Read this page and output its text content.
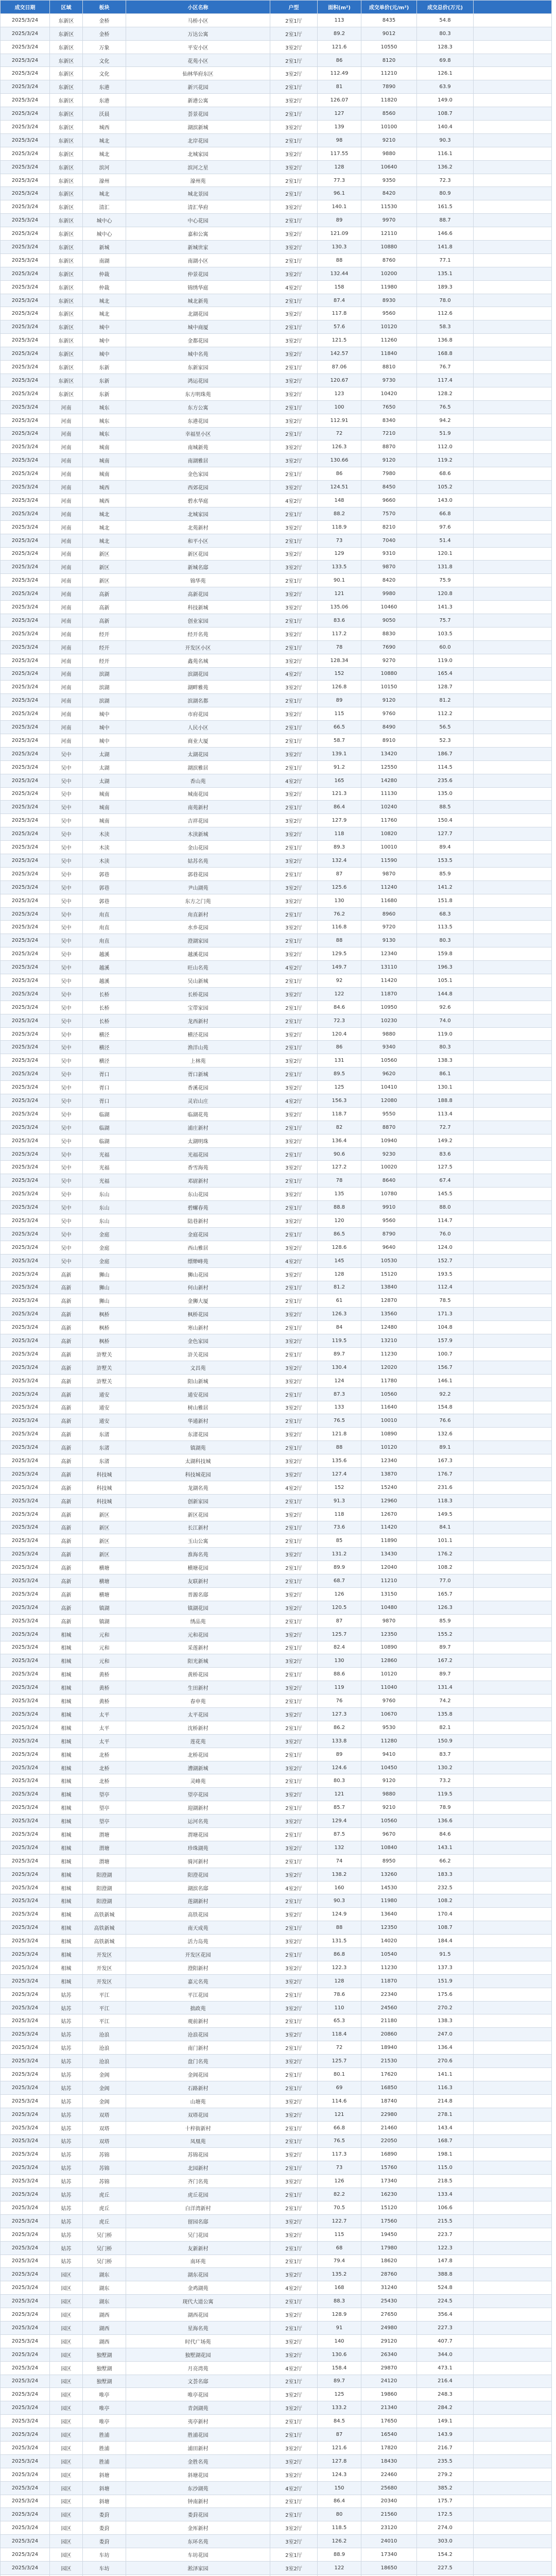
成交日期	区域	板块	小区名称	户型	面积(m²)	成交单价(元/m²)	成交总价(万元)	
2025/3/24	东新区	金桥	马桥小区	2室1厅	113	8435	54.8	
2025/3/24	东新区	金桥	万达公寓	2室1厅	89.2	9012	80.3	
2025/3/24	东新区	万象	平安小区	3室2厅	121.6	10550	128.3	
2025/3/24	东新区	文化	花苑小区	2室1厅	86	8120	69.8	
2025/3/24	东新区	文化	仙林华府东区	3室2厅	112.49	11210	126.1	
2025/3/24	东新区	东港	新兴花园	2室1厅	81	7890	63.9	
2025/3/24	东新区	东港	新港公寓	3室2厅	126.07	11820	149.0	
2025/3/24	东新区	沃晨	荟景花园	2室1厅	127	8560	108.7	
2025/3/24	东新区	城西	湖滨新城	3室2厅	139	10100	140.4	
2025/3/24	东新区	城北	北岸花园	2室1厅	98	9210	90.3	
2025/3/24	东新区	城北	北城家园	3室2厅	117.55	9880	116.1	
2025/3/24	东新区	滨河	滨河之星	3室2厅	128	10640	136.2	
2025/3/24	东新区	濠州	濠州苑	2室1厅	77.3	9350	72.3	
2025/3/24	东新区	城北	城北景园	2室1厅	96.1	8420	80.9	
2025/3/24	东新区	清汇	清汇华府	3室2厅	140.1	11530	161.5	
2025/3/24	东新区	城中心	中心花园	2室1厅	89	9970	88.7	
2025/3/24	东新区	城中心	嘉和公寓	3室2厅	121.09	12110	146.6	
2025/3/24	东新区	新城	新城世家	3室2厅	130.3	10880	141.8	
2025/3/24	东新区	南湖	南湖小区	2室1厅	88	8760	77.1	
2025/3/24	东新区	仲裁	仲景花园	3室2厅	132.44	10200	135.1	
2025/3/24	东新区	仲裁	锦绣华庭	4室2厅	158	11980	189.3	
2025/3/24	东新区	城北	城北新苑	2室1厅	87.4	8930	78.0	
2025/3/24	东新区	城北	北湖花园	3室2厅	117.8	9560	112.6	
2025/3/24	东新区	城中	城中商厦	2室1厅	57.6	10120	58.3	
2025/3/24	东新区	城中	金都花园	3室2厅	121.5	11260	136.8	
2025/3/24	东新区	城中	城中名苑	3室2厅	142.57	11840	168.8	
2025/3/24	东新区	东新	东新家园	2室1厅	87.06	8810	76.7	
2025/3/24	东新区	东新	鸿运花园	3室2厅	120.67	9730	117.4	
2025/3/24	东新区	东新	东方明珠苑	3室2厅	123	10420	128.2	
2025/3/24	河南	城东	东方公寓	2室1厅	100	7650	76.5	
2025/3/24	河南	城东	东港花园	3室2厅	112.91	8340	94.2	
2025/3/24	河南	城东	幸福里小区	2室1厅	72	7210	51.9	
2025/3/24	河南	城南	南城新苑	3室2厅	126.3	8870	112.0	
2025/3/24	河南	城南	南湖雅居	3室2厅	130.66	9120	119.2	
2025/3/24	河南	城南	金色家园	2室1厅	86	7980	68.6	
2025/3/24	河南	城西	西郊花园	3室2厅	124.51	8450	105.2	
2025/3/24	河南	城西	碧水华庭	4室2厅	148	9660	143.0	
2025/3/24	河南	城北	北城家园	2室1厅	88.2	7570	66.8	
2025/3/24	河南	城北	北苑新村	3室2厅	118.9	8210	97.6	
2025/3/24	河南	城北	和平小区	2室1厅	73	7040	51.4	
2025/3/24	河南	新区	新区花园	3室2厅	129	9310	120.1	
2025/3/24	河南	新区	新城名邸	3室2厅	133.5	9870	131.8	
2025/3/24	河南	新区	锦华苑	2室1厅	90.1	8420	75.9	
2025/3/24	河南	高新	高新花园	3室2厅	121	9980	120.8	
2025/3/24	河南	高新	科技新城	3室2厅	135.06	10460	141.3	
2025/3/24	河南	高新	创业家园	2室1厅	83.6	9050	75.7	
2025/3/24	河南	经开	经开名苑	3室2厅	117.2	8830	103.5	
2025/3/24	河南	经开	开发区小区	2室1厅	78	7690	60.0	
2025/3/24	河南	经开	鑫苑名城	3室2厅	128.34	9270	119.0	
2025/3/24	河南	滨湖	滨湖花园	4室2厅	152	10880	165.4	
2025/3/24	河南	滨湖	湖畔雅苑	3室2厅	126.8	10150	128.7	
2025/3/24	河南	滨湖	滨湖名都	2室1厅	89	9120	81.2	
2025/3/24	河南	城中	市府花园	3室2厅	115	9760	112.2	
2025/3/24	河南	城中	人民小区	2室1厅	66.5	8490	56.5	
2025/3/24	河南	城中	商业大厦	2室1厅	58.7	8910	52.3	
2025/3/24	吴中	太湖	太湖花园	3室2厅	139.1	13420	186.7	
2025/3/24	吴中	太湖	湖滨雅居	2室1厅	91.2	12550	114.5	
2025/3/24	吴中	太湖	香山苑	4室2厅	165	14280	235.6	
2025/3/24	吴中	城南	城南花园	3室2厅	121.3	11130	135.0	
2025/3/24	吴中	城南	南苑新村	2室1厅	86.4	10240	88.5	
2025/3/24	吴中	城南	吉祥花园	3室2厅	127.9	11760	150.4	
2025/3/24	吴中	木渎	木渎新城	3室2厅	118	10820	127.7	
2025/3/24	吴中	木渎	金山花园	2室1厅	89.3	10010	89.4	
2025/3/24	吴中	木渎	姑苏名苑	3室2厅	132.4	11590	153.5	
2025/3/24	吴中	郭巷	郭巷花园	2室1厅	87	9870	85.9	
2025/3/24	吴中	郭巷	尹山湖苑	3室2厅	125.6	11240	141.2	
2025/3/24	吴中	郭巷	东方之门苑	3室2厅	130	11680	151.8	
2025/3/24	吴中	甪直	甪直新村	2室1厅	76.2	8960	68.3	
2025/3/24	吴中	甪直	水乡花园	3室2厅	116.8	9720	113.5	
2025/3/24	吴中	甪直	澄湖家园	2室1厅	88	9130	80.3	
2025/3/24	吴中	越溪	越溪花园	3室2厅	129.5	12340	159.8	
2025/3/24	吴中	越溪	旺山名苑	4室2厅	149.7	13110	196.3	
2025/3/24	吴中	越溪	吴山新城	2室1厅	92	11420	105.1	
2025/3/24	吴中	长桥	长桥花园	3室2厅	122	11870	144.8	
2025/3/24	吴中	长桥	宝带家园	2室1厅	84.6	10950	92.6	
2025/3/24	吴中	长桥	龙西新村	2室1厅	72.3	10230	74.0	
2025/3/24	吴中	横泾	横泾花园	3室2厅	120.4	9880	119.0	
2025/3/24	吴中	横泾	渔洋山苑	2室1厅	86	9340	80.3	
2025/3/24	吴中	横泾	上林苑	3室2厅	131	10560	138.3	
2025/3/24	吴中	胥口	胥口新城	2室1厅	89.5	9620	86.1	
2025/3/24	吴中	胥口	香溪花园	3室2厅	125	10410	130.1	
2025/3/24	吴中	胥口	灵岩山庄	4室2厅	156.3	12080	188.8	
2025/3/24	吴中	临湖	临湖花苑	3室2厅	118.7	9550	113.4	
2025/3/24	吴中	临湖	浦庄新村	2室1厅	82	8870	72.7	
2025/3/24	吴中	临湖	太湖明珠	3室2厅	136.4	10940	149.2	
2025/3/24	吴中	光福	光福花园	2室1厅	90.6	9230	83.6	
2025/3/24	吴中	光福	香雪海苑	3室2厅	127.2	10020	127.5	
2025/3/24	吴中	光福	邓尉新村	2室1厅	78	8640	67.4	
2025/3/24	吴中	东山	东山花园	3室2厅	135	10780	145.5	
2025/3/24	吴中	东山	碧螺春苑	2室1厅	88.8	9910	88.0	
2025/3/24	吴中	东山	陆巷新村	3室2厅	120	9560	114.7	
2025/3/24	吴中	金庭	金庭花园	2室1厅	86.5	8790	76.0	
2025/3/24	吴中	金庭	西山雅居	3室2厅	128.6	9640	124.0	
2025/3/24	吴中	金庭	缥缈峰苑	4室2厅	145	10530	152.7	
2025/3/24	高新	狮山	狮山花园	3室2厅	128	15120	193.5	
2025/3/24	高新	狮山	何山新村	2室1厅	81.2	13840	112.4	
2025/3/24	高新	狮山	金狮大厦	2室1厅	61	12870	78.5	
2025/3/24	高新	枫桥	枫桥花园	3室2厅	126.3	13560	171.3	
2025/3/24	高新	枫桥	寒山新村	2室1厅	84	12480	104.8	
2025/3/24	高新	枫桥	金色家园	3室2厅	119.5	13210	157.9	
2025/3/24	高新	浒墅关	浒关花园	2室1厅	89.7	11230	100.7	
2025/3/24	高新	浒墅关	文昌苑	3室2厅	130.4	12020	156.7	
2025/3/24	高新	浒墅关	阳山新城	3室2厅	124	11780	146.1	
2025/3/24	高新	通安	通安花园	2室1厅	87.3	10560	92.2	
2025/3/24	高新	通安	树山雅居	3室2厅	133	11640	154.8	
2025/3/24	高新	通安	华通新村	2室1厅	76.5	10010	76.6	
2025/3/24	高新	东渚	东渚花园	3室2厅	121.8	10890	132.6	
2025/3/24	高新	东渚	镇湖苑	2室1厅	88	10120	89.1	
2025/3/24	高新	东渚	太湖科技城	3室2厅	135.6	12340	167.3	
2025/3/24	高新	科技城	科技城花园	3室2厅	127.4	13870	176.7	
2025/3/24	高新	科技城	龙湖名苑	4室2厅	152	15240	231.6	
2025/3/24	高新	科技城	创新家园	2室1厅	91.3	12960	118.3	
2025/3/24	高新	新区	新区花园	3室2厅	118	12670	149.5	
2025/3/24	高新	新区	长江新村	2室1厅	73.6	11420	84.1	
2025/3/24	高新	新区	玉山公寓	2室1厅	85	11890	101.1	
2025/3/24	高新	新区	淮海名苑	3室2厅	131.2	13430	176.2	
2025/3/24	高新	横塘	横塘花园	2室1厅	89.9	12040	108.2	
2025/3/24	高新	横塘	友联新村	2室1厅	68.7	11210	77.0	
2025/3/24	高新	横塘	晋源名邸	3室2厅	126	13150	165.7	
2025/3/24	高新	镇湖	镇湖花园	3室2厅	120.5	10480	126.3	
2025/3/24	高新	镇湖	绣品苑	2室1厅	87	9870	85.9	
2025/3/24	相城	元和	元和花园	3室2厅	125.7	12350	155.2	
2025/3/24	相城	元和	采莲新村	2室1厅	82.4	10890	89.7	
2025/3/24	相城	元和	阳光新城	3室2厅	130	12860	167.2	
2025/3/24	相城	黄桥	黄桥花园	2室1厅	88.6	10120	89.7	
2025/3/24	相城	黄桥	生田新村	3室2厅	119	11040	131.4	
2025/3/24	相城	黄桥	春申苑	2室1厅	76	9760	74.2	
2025/3/24	相城	太平	太平花园	3室2厅	127.3	10670	135.8	
2025/3/24	相城	太平	沈桥新村	2室1厅	86.2	9530	82.1	
2025/3/24	相城	太平	莲花苑	3室2厅	133.8	11280	150.9	
2025/3/24	相城	北桥	北桥花园	2室1厅	89	9410	83.7	
2025/3/24	相城	北桥	漕湖新城	3室2厅	124.6	10450	130.2	
2025/3/24	相城	北桥	灵峰苑	2室1厅	80.3	9120	73.2	
2025/3/24	相城	望亭	望亭花园	3室2厅	121	9880	119.5	
2025/3/24	相城	望亭	迎湖新村	2室1厅	85.7	9210	78.9	
2025/3/24	相城	望亭	运河名苑	3室2厅	129.4	10560	136.6	
2025/3/24	相城	渭塘	渭塘花园	2室1厅	87.5	9670	84.6	
2025/3/24	相城	渭塘	珍珠湖苑	3室2厅	132	10840	143.1	
2025/3/24	相城	渭塘	骑河新村	2室1厅	74	8950	66.2	
2025/3/24	相城	阳澄湖	阳澄花园	3室2厅	138.2	13260	183.3	
2025/3/24	相城	阳澄湖	湖滨名邸	4室2厅	160	14530	232.5	
2025/3/24	相城	阳澄湖	莲湖新村	2室1厅	90.3	11980	108.2	
2025/3/24	相城	高铁新城	高铁花园	3室2厅	124.9	13640	170.4	
2025/3/24	相城	高铁新城	南天成苑	2室1厅	88	12350	108.7	
2025/3/24	相城	高铁新城	活力岛苑	3室2厅	131.5	14020	184.4	
2025/3/24	相城	开发区	开发区花园	2室1厅	86.8	10540	91.5	
2025/3/24	相城	开发区	澄阳新村	3室2厅	122.3	11230	137.3	
2025/3/24	相城	开发区	嘉元名苑	3室2厅	128	11870	151.9	
2025/3/24	姑苏	平江	平江花园	2室1厅	78.6	22340	175.6	
2025/3/24	姑苏	平江	拙政苑	3室2厅	110	24560	270.2	
2025/3/24	姑苏	平江	观前新村	2室1厅	65.3	21180	138.3	
2025/3/24	姑苏	沧浪	沧浪花园	3室2厅	118.4	20860	247.0	
2025/3/24	姑苏	沧浪	南门新村	2室1厅	72	18940	136.4	
2025/3/24	姑苏	沧浪	盘门名苑	3室2厅	125.7	21530	270.6	
2025/3/24	姑苏	金阊	金阊花园	2室1厅	80.1	17620	141.1	
2025/3/24	姑苏	金阊	石路新村	2室1厅	69	16850	116.3	
2025/3/24	姑苏	金阊	山塘苑	3室2厅	114.6	18740	214.8	
2025/3/24	姑苏	双塔	双塔花园	3室2厅	121	22980	278.1	
2025/3/24	姑苏	双塔	十梓街新村	2室1厅	66.8	21460	143.4	
2025/3/24	姑苏	双塔	凤凰苑	2室1厅	76.5	22050	168.7	
2025/3/24	姑苏	苏锦	苏锦花园	3室2厅	117.3	16890	198.1	
2025/3/24	姑苏	苏锦	北园新村	2室1厅	73	15760	115.0	
2025/3/24	姑苏	苏锦	齐门名苑	3室2厅	126	17340	218.5	
2025/3/24	姑苏	虎丘	虎丘花园	2室1厅	82.2	16230	133.4	
2025/3/24	姑苏	虎丘	白洋湾新村	2室1厅	70.5	15120	106.6	
2025/3/24	姑苏	虎丘	留园名邸	3室2厅	122.7	17560	215.5	
2025/3/24	姑苏	吴门桥	吴门花园	3室2厅	115	19450	223.7	
2025/3/24	姑苏	吴门桥	友新新村	2室1厅	68	17980	122.3	
2025/3/24	姑苏	吴门桥	南环苑	2室1厅	79.4	18620	147.8	
2025/3/24	园区	湖东	湖东花园	3室2厅	135.2	28760	388.8	
2025/3/24	园区	湖东	金鸡湖苑	4室2厅	168	31240	524.8	
2025/3/24	园区	湖东	现代大道公寓	2室1厅	88.3	25430	224.5	
2025/3/24	园区	湖西	湖西花园	3室2厅	128.9	27650	356.4	
2025/3/24	园区	湖西	星海名苑	2室1厅	91	24980	227.3	
2025/3/24	园区	湖西	时代广场苑	3室2厅	140	29120	407.7	
2025/3/24	园区	独墅湖	独墅湖花园	3室2厅	130.6	26340	344.0	
2025/3/24	园区	独墅湖	月亮湾苑	4室2厅	158.4	29870	473.1	
2025/3/24	园区	独墅湖	文荟名邸	2室1厅	89.7	24120	216.4	
2025/3/24	园区	唯亭	唯亭花园	3室2厅	125	19860	248.3	
2025/3/24	园区	唯亭	青剑湖苑	3室2厅	133.2	21340	284.2	
2025/3/24	园区	唯亭	夷亭新村	2室1厅	84.5	17650	149.1	
2025/3/24	园区	胜浦	胜浦花园	2室1厅	87	16540	143.9	
2025/3/24	园区	胜浦	浦田新村	3室2厅	121.6	17820	216.7	
2025/3/24	园区	胜浦	金胜名苑	3室2厅	127.8	18430	235.5	
2025/3/24	园区	斜塘	斜塘花园	3室2厅	124.3	22460	279.2	
2025/3/24	园区	斜塘	东沙湖苑	4室2厅	150	25680	385.2	
2025/3/24	园区	斜塘	钟南新村	2室1厅	86.4	20340	175.7	
2025/3/24	园区	娄葑	娄葑花园	2室1厅	80	21560	172.5	
2025/3/24	园区	娄葑	金厍新村	3室2厅	118.5	23120	274.0	
2025/3/24	园区	娄葑	东环名苑	3室2厅	126.2	24010	303.0	
2025/3/24	园区	车坊	车坊花园	2室1厅	88.9	17340	154.2	
2025/3/24	园区	车坊	淞泽家园	3室2厅	122	18650	227.5	
